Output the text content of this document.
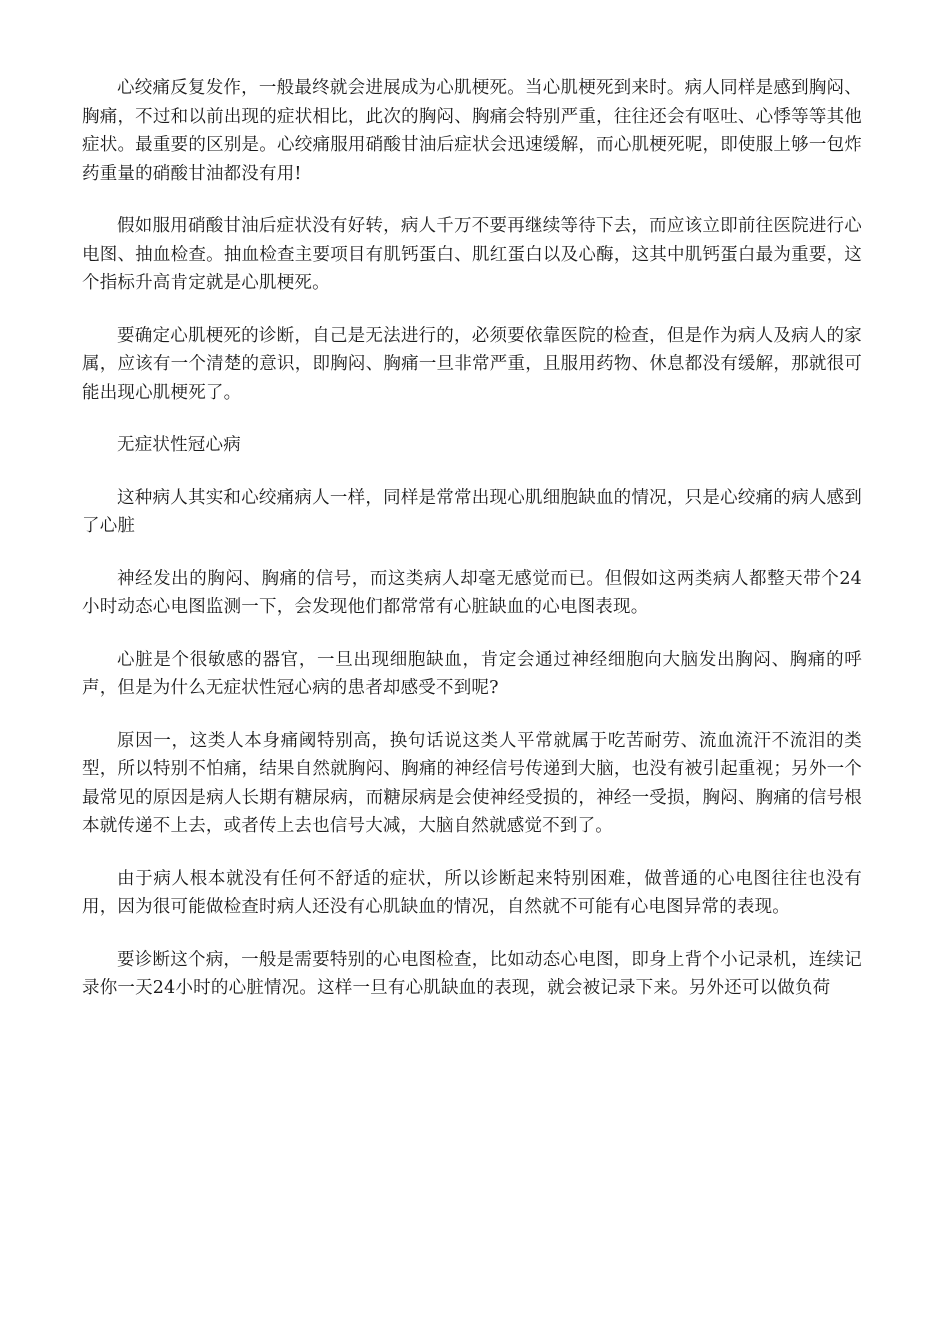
心绞痛反复发作，一般最终就会进展成为心肌梗死。当心肌梗死到来时。病人同样是感到胸闷、胸痛，不过和以前出现的症状相比，此次的胸闷、胸痛会特别严重，往往还会有呕吐、心悸等等其他症状。最重要的区别是。心绞痛服用硝酸甘油后症状会迅速缓解，而心肌梗死呢，即使服上够一包炸药重量的硝酸甘油都没有用!

假如服用硝酸甘油后症状没有好转，病人千万不要再继续等待下去，而应该立即前往医院进行心电图、抽血检查。抽血检查主要项目有肌钙蛋白、肌红蛋白以及心酶，这其中肌钙蛋白最为重要，这个指标升高肯定就是心肌梗死。

要确定心肌梗死的诊断，自己是无法进行的，必须要依靠医院的检查，但是作为病人及病人的家属，应该有一个清楚的意识，即胸闷、胸痛一旦非常严重，且服用药物、休息都没有缓解，那就很可能出现心肌梗死了。

无症状性冠心病

这种病人其实和心绞痛病人一样，同样是常常出现心肌细胞缺血的情况，只是心绞痛的病人感到了心脏

神经发出的胸闷、胸痛的信号，而这类病人却毫无感觉而已。但假如这两类病人都整天带个24小时动态心电图监测一下，会发现他们都常常有心脏缺血的心电图表现。

心脏是个很敏感的器官，一旦出现细胞缺血，肯定会通过神经细胞向大脑发出胸闷、胸痛的呼声，但是为什么无症状性冠心病的患者却感受不到呢?

原因一，这类人本身痛阈特别高，换句话说这类人平常就属于吃苦耐劳、流血流汗不流泪的类型，所以特别不怕痛，结果自然就胸闷、胸痛的神经信号传递到大脑，也没有被引起重视；另外一个最常见的原因是病人长期有糖尿病，而糖尿病是会使神经受损的，神经一受损，胸闷、胸痛的信号根本就传递不上去，或者传上去也信号大减，大脑自然就感觉不到了。

由于病人根本就没有任何不舒适的症状，所以诊断起来特别困难，做普通的心电图往往也没有用，因为很可能做检查时病人还没有心肌缺血的情况，自然就不可能有心电图异常的表现。

要诊断这个病，一般是需要特别的心电图检查，比如动态心电图，即身上背个小记录机，连续记录你一天24小时的心脏情况。这样一旦有心肌缺血的表现，就会被记录下来。另外还可以做负荷
